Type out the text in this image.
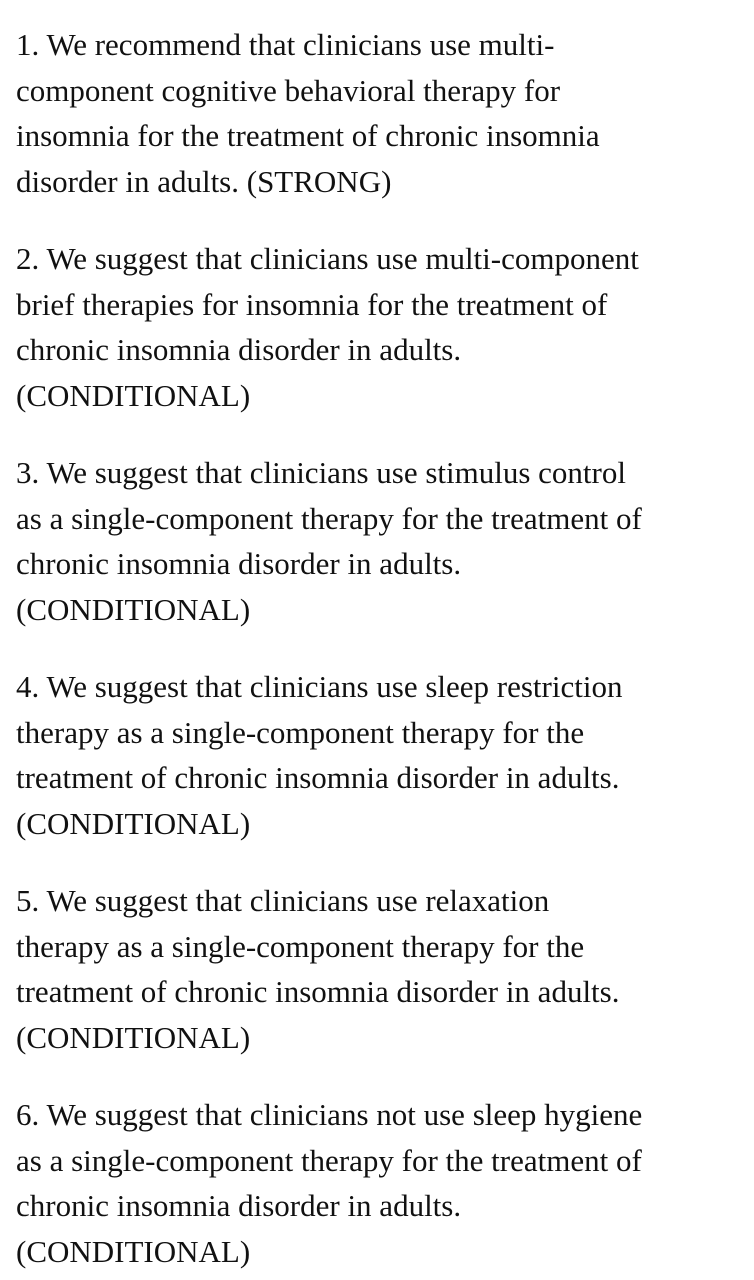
1. We recommend that clinicians use multi-
component cognitive behavioral therapy for
insomnia for the treatment of chronic insomnia
disorder in adults. (STRONG)
2. We suggest that clinicians use multi-component
brief therapies for insomnia for the treatment of
chronic insomnia disorder in adults.
(CONDITIONAL)
3. We suggest that clinicians use stimulus control
as a single-component therapy for the treatment of
chronic insomnia disorder in adults.
(CONDITIONAL)
4. We suggest that clinicians use sleep restriction
therapy as a single-component therapy for the
treatment of chronic insomnia disorder in adults.
(CONDITIONAL)
5. We suggest that clinicians use relaxation
therapy as a single-component therapy for the
treatment of chronic insomnia disorder in adults.
(CONDITIONAL)
6. We suggest that clinicians not use sleep hygiene
as a single-component therapy for the treatment of
chronic insomnia disorder in adults.
(CONDITIONAL)
